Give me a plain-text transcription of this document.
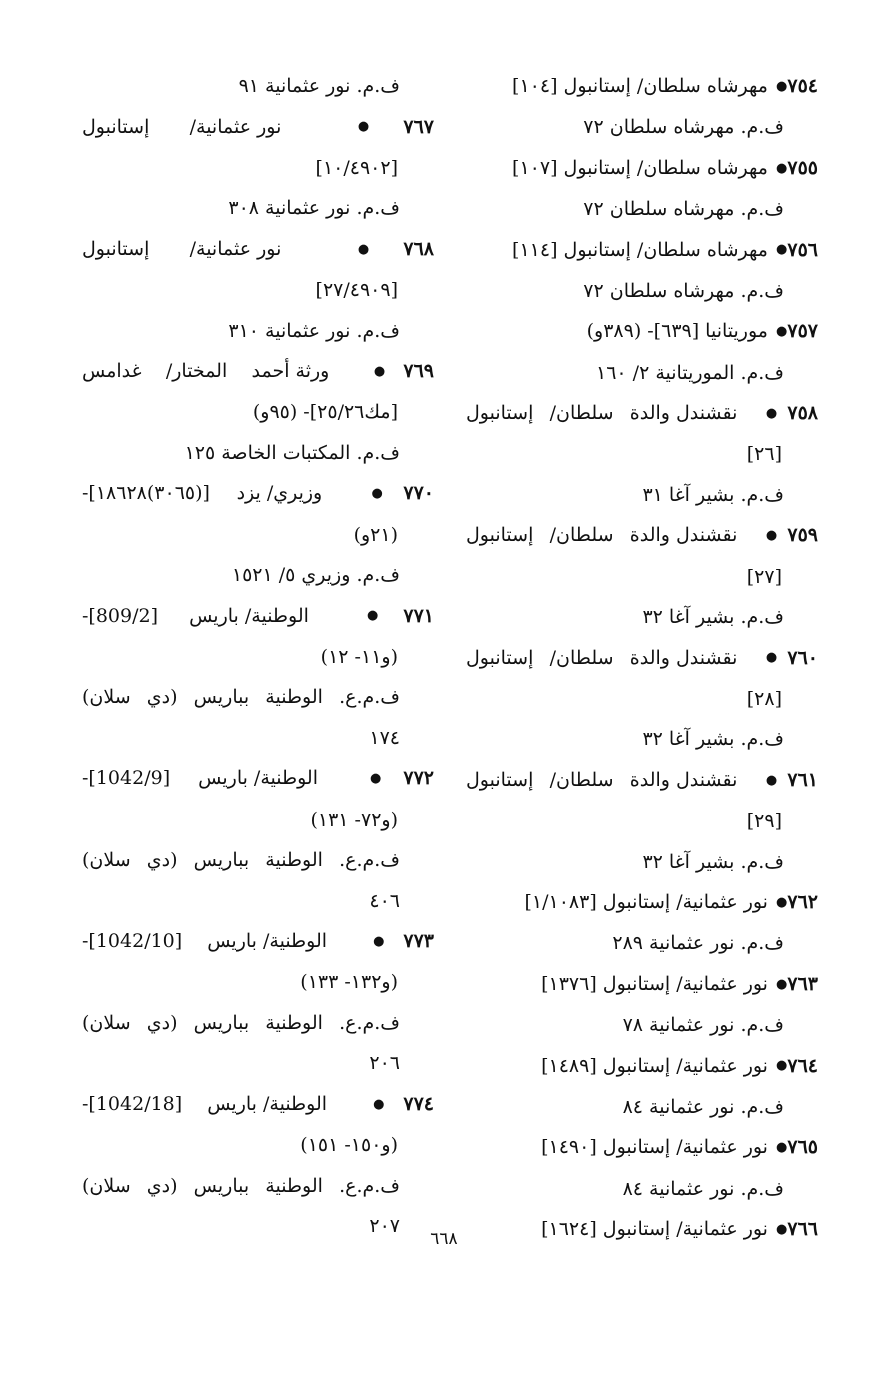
٧٥٤● مهرشاه سلطان/ إستانبول [١٠٤]
ف.م. مهرشاه سلطان ٧٢
٧٥٥● مهرشاه سلطان/ إستانبول [١٠٧]
ف.م. مهرشاه سلطان ٧٢
٧٥٦● مهرشاه سلطان/ إستانبول [١١٤]
ف.م. مهرشاه سلطان ٧٢
٧٥٧● موريتانيا [٦٣٩]- (٣٨٩و)
ف.م. الموريتانية ٢/ ١٦٠
٧٥٨● نقشندل والدة سلطان/ إستانبول
[٢٦]
ف.م. بشير آغا ٣١
٧٥٩● نقشندل والدة سلطان/ إستانبول
[٢٧]
ف.م. بشير آغا ٣٢
٧٦٠● نقشندل والدة سلطان/ إستانبول
[٢٨]
ف.م. بشير آغا ٣٢
٧٦١● نقشندل والدة سلطان/ إستانبول
[٢٩]
ف.م. بشير آغا ٣٢
٧٦٢● نور عثمانية/ إستانبول [١/١٠٨٣]
ف.م. نور عثمانية ٢٨٩
٧٦٣● نور عثمانية/ إستانبول [١٣٧٦]
ف.م. نور عثمانية ٧٨
٧٦٤● نور عثمانية/ إستانبول [١٤٨٩]
ف.م. نور عثمانية ٨٤
٧٦٥● نور عثمانية/ إستانبول [١٤٩٠]
ف.م. نور عثمانية ٨٤
٧٦٦● نور عثمانية/ إستانبول [١٦٢٤]
ف.م. نور عثمانية ٩١
٧٦٧● نور عثمانية/ إستانبول
[١٠/٤٩٠٢]
ف.م. نور عثمانية ٣٠٨
٧٦٨● نور عثمانية/ إستانبول
[٢٧/٤٩٠٩]
ف.م. نور عثمانية ٣١٠
٧٦٩● ورثة أحمد المختار/ غدامس
[مك٢٥/٢٦]- (٩٥و)
ف.م. المكتبات الخاصة ١٢٥
٧٧٠● وزيري/ يزد [(٣٠٦٥)١٨٦٢٨]-
(٢١و)
ف.م. وزيري ٥/ ١٥٢١
٧٧١● الوطنية/ باريس [809/2]-
(و١١- ١٢)
ف.م.ع. الوطنية بباريس (دي سلان)
١٧٤
٧٧٢● الوطنية/ باريس [1042/9]-
(و٧٢- ١٣١)
ف.م.ع. الوطنية بباريس (دي سلان)
٤٠٦
٧٧٣● الوطنية/ باريس [1042/10]-
(و١٣٢- ١٣٣)
ف.م.ع. الوطنية بباريس (دي سلان)
٢٠٦
٧٧٤● الوطنية/ باريس [1042/18]-
(و١٥٠- ١٥١)
ف.م.ع. الوطنية بباريس (دي سلان)
٢٠٧
٦٦٨
